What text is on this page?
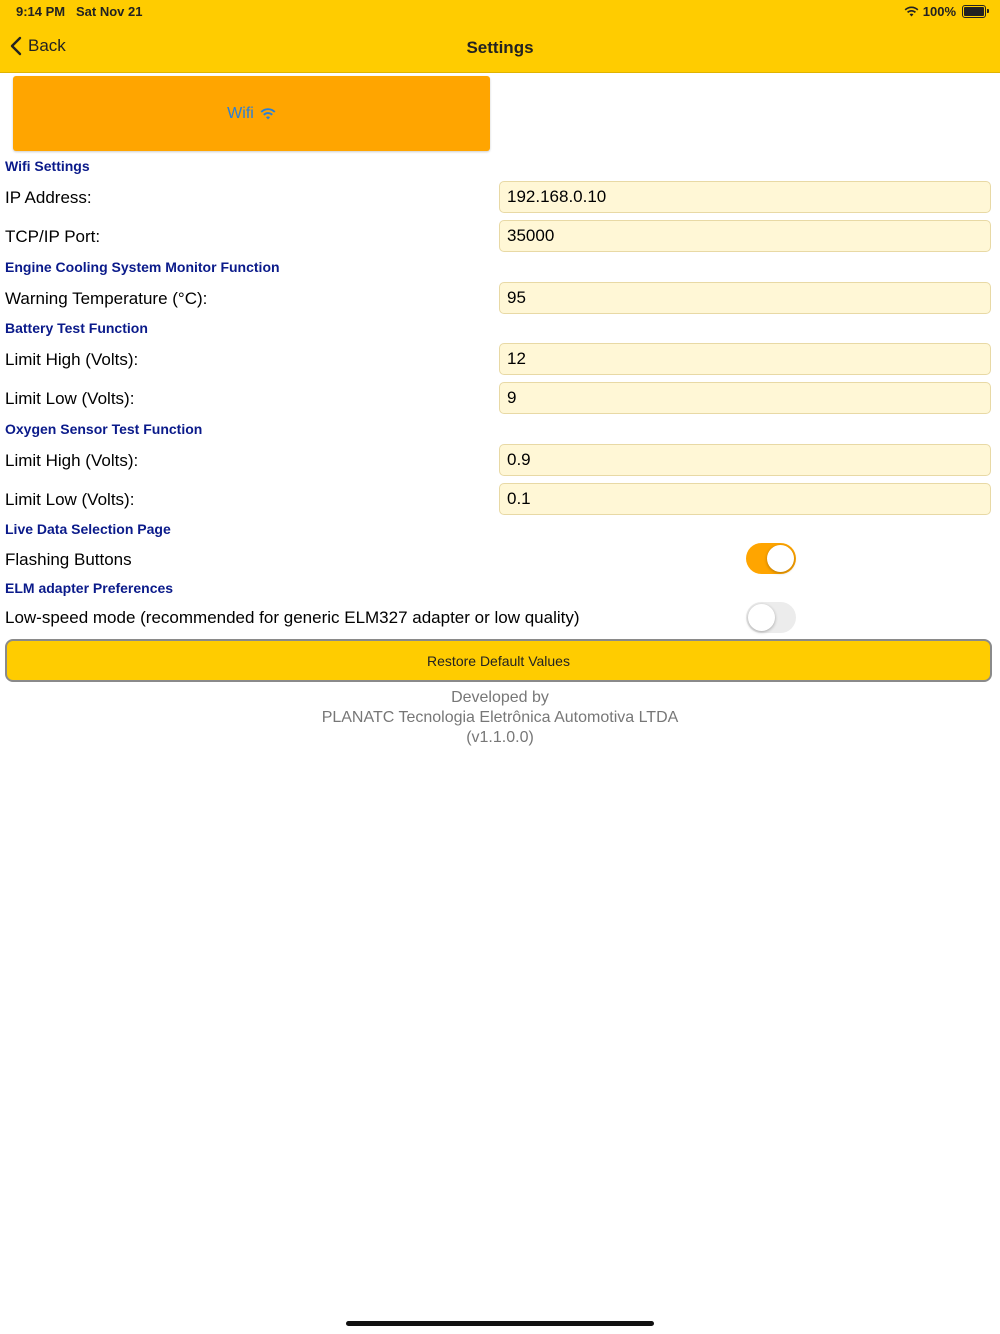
9:14 PM Sat Nov 21	100%
Back	Settings
Wifi
Wifi Settings
IP Address:
192.168.0.10
TCP/IP Port:
35000
Engine Cooling System Monitor Function
Warning Temperature (°C):
95
Battery Test Function
Limit High (Volts):
12
Limit Low (Volts):
9
Oxygen Sensor Test Function
Limit High (Volts):
0.9
Limit Low (Volts):
0.1
Live Data Selection Page
Flashing Buttons
ELM adapter Preferences
Low-speed mode (recommended for generic ELM327 adapter or low quality)
Restore Default Values
Developed by
PLANATC Tecnologia Eletrônica Automotiva LTDA
(v1.1.0.0)
